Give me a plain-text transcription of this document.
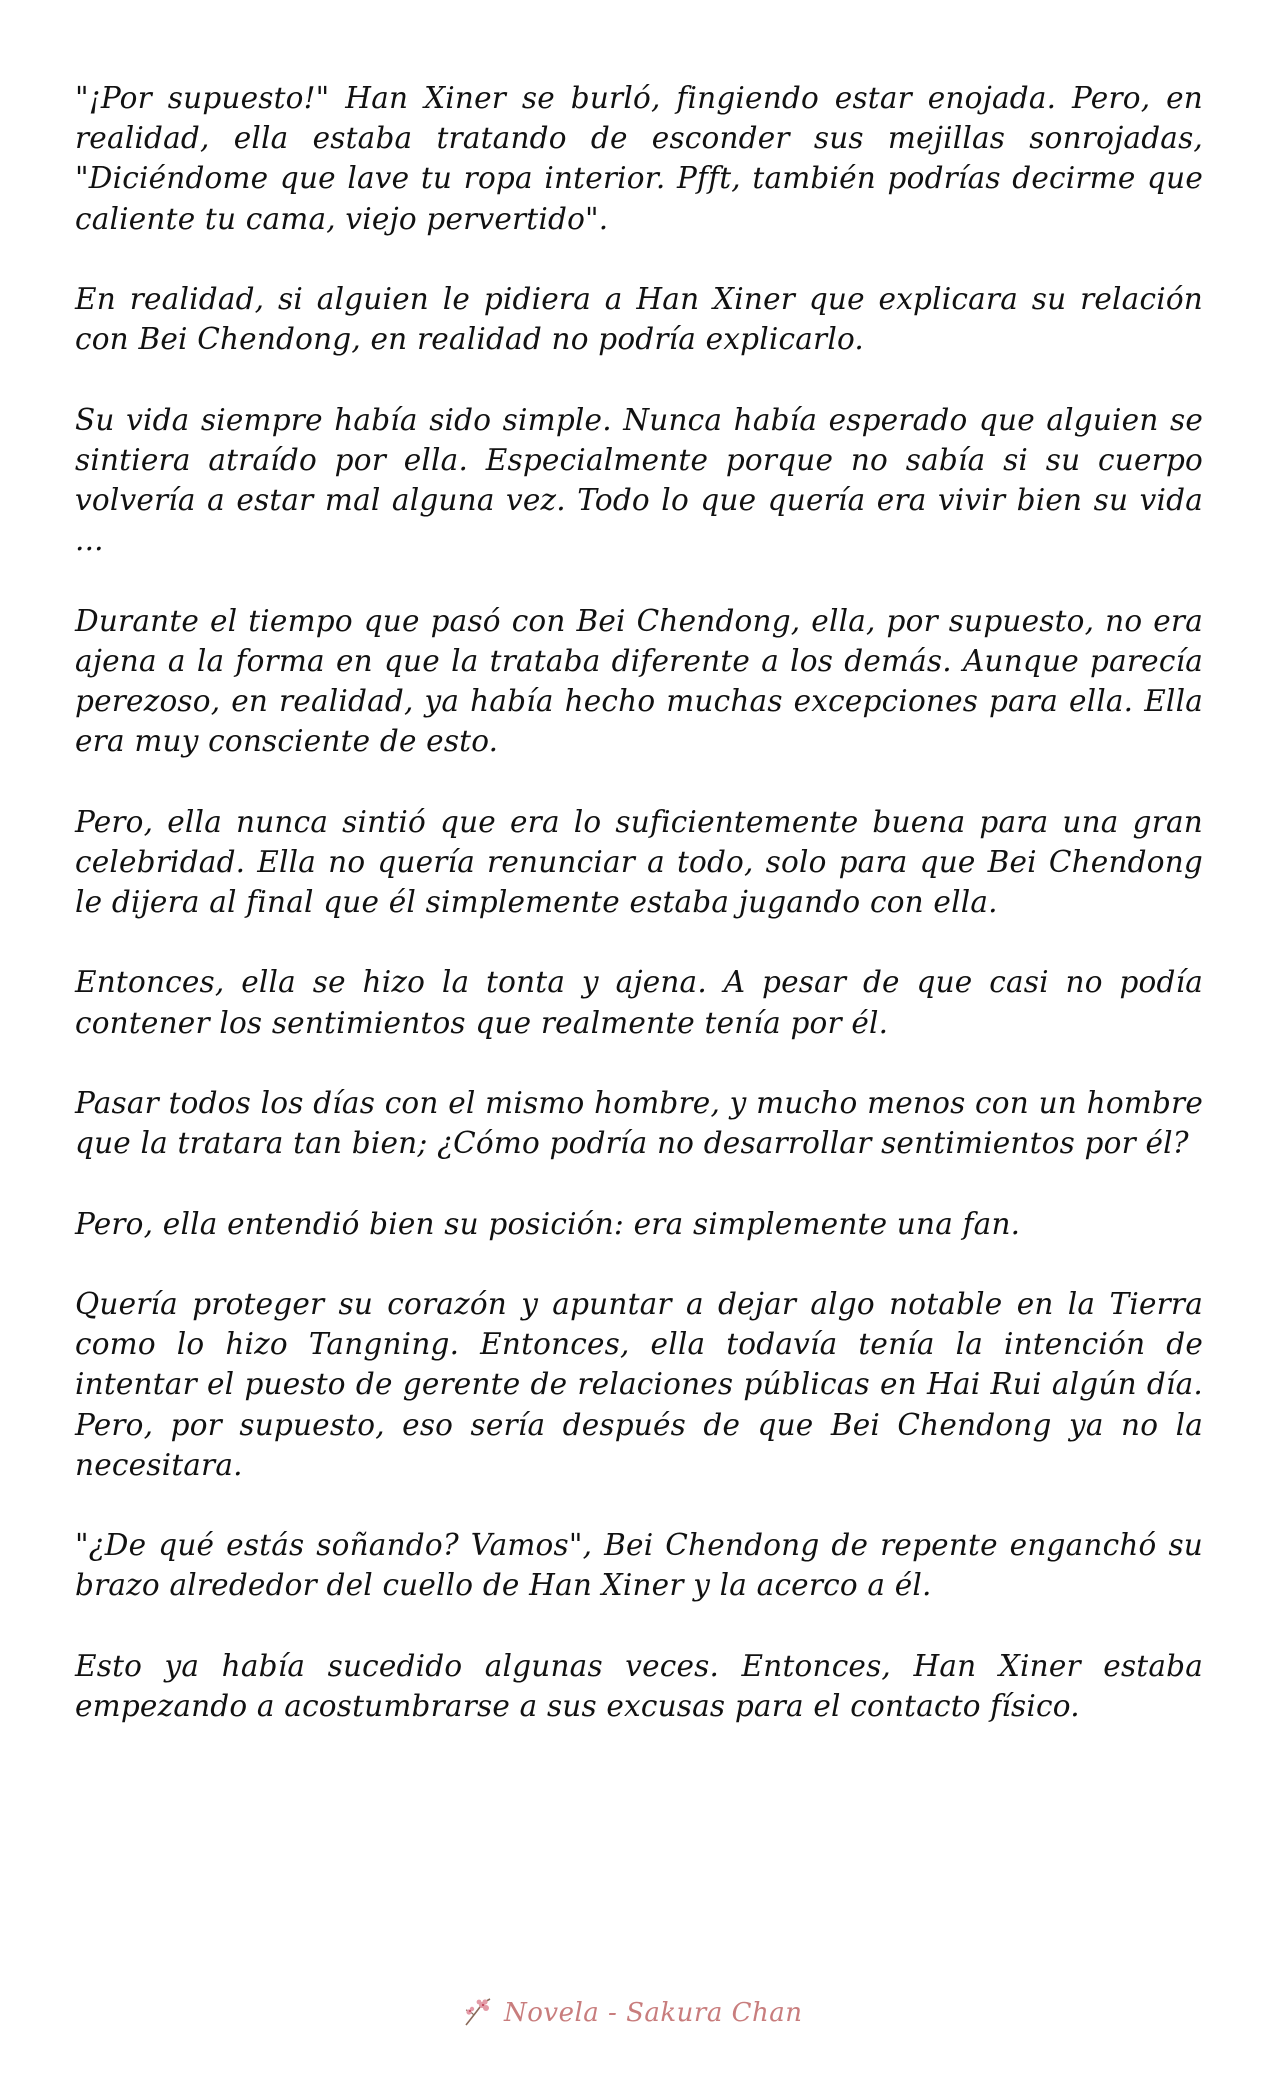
"¡Por supuesto!" Han Xiner se burló, fingiendo estar enojada. Pero, en realidad, ella estaba tratando de esconder sus mejillas sonrojadas, "Diciéndome que lave tu ropa interior. Pfft, también podrías decirme que caliente tu cama, viejo pervertido".

En realidad, si alguien le pidiera a Han Xiner que explicara su relación con Bei Chendong, en realidad no podría explicarlo.

Su vida siempre había sido simple. Nunca había esperado que alguien se sintiera atraído por ella. Especialmente porque no sabía si su cuerpo volvería a estar mal alguna vez. Todo lo que quería era vivir bien su vida ...

Durante el tiempo que pasó con Bei Chendong, ella, por supuesto, no era ajena a la forma en que la trataba diferente a los demás. Aunque parecía perezoso, en realidad, ya había hecho muchas excepciones para ella. Ella era muy consciente de esto.

Pero, ella nunca sintió que era lo suficientemente buena para una gran celebridad. Ella no quería renunciar a todo, solo para que Bei Chendong le dijera al final que él simplemente estaba jugando con ella.

Entonces, ella se hizo la tonta y ajena. A pesar de que casi no podía contener los sentimientos que realmente tenía por él.

Pasar todos los días con el mismo hombre, y mucho menos con un hombre que la tratara tan bien; ¿Cómo podría no desarrollar sentimientos por él?

Pero, ella entendió bien su posición: era simplemente una fan.

Quería proteger su corazón y apuntar a dejar algo notable en la Tierra como lo hizo Tangning. Entonces, ella todavía tenía la intención de intentar el puesto de gerente de relaciones públicas en Hai Rui algún día. Pero, por supuesto, eso sería después de que Bei Chendong ya no la necesitara.

"¿De qué estás soñando? Vamos", Bei Chendong de repente enganchó su brazo alrededor del cuello de Han Xiner y la acerco a él.

Esto ya había sucedido algunas veces. Entonces, Han Xiner estaba empezando a acostumbrarse a sus excusas para el contacto físico.

Novela - Sakura Chan
